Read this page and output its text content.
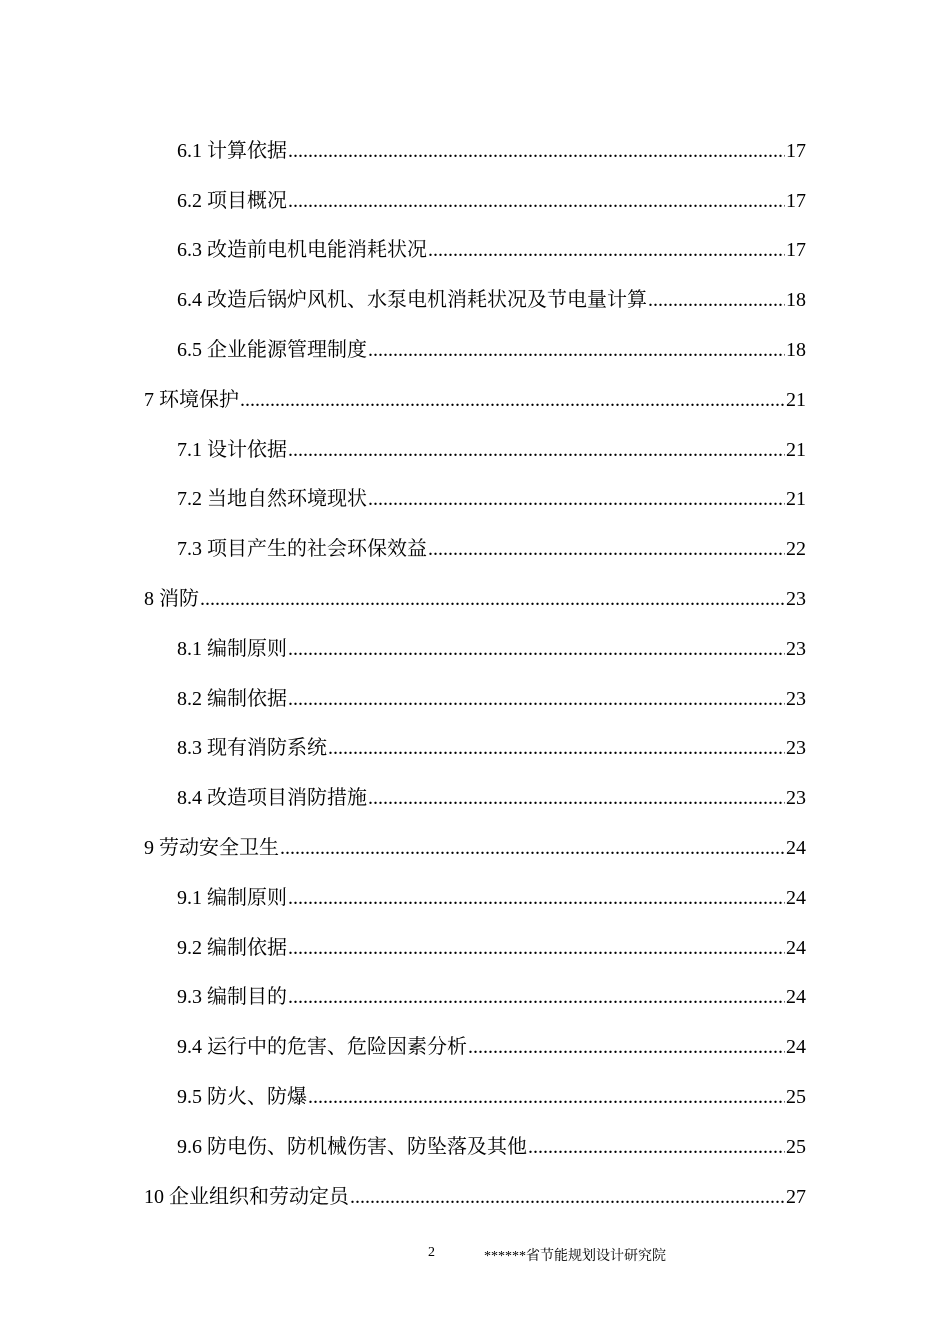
6.1 计算依据 .....	17
6.2 项目概况 .....	17
6.3 改造前电机电能消耗状况 .....	17
6.4 改造后锅炉风机、水泵电机消耗状况及节电量计算 .....	18
6.5 企业能源管理制度 .....	18
7 环境保护 .....	21
7.1 设计依据 .....	21
7.2 当地自然环境现状 .....	21
7.3 项目产生的社会环保效益 .....	22
8 消防 .....	23
8.1 编制原则 .....	23
8.2 编制依据 .....	23
8.3 现有消防系统 .....	23
8.4 改造项目消防措施 .....	23
9 劳动安全卫生 .....	24
9.1 编制原则 .....	24
9.2 编制依据 .....	24
9.3 编制目的 .....	24
9.4 运行中的危害、危险因素分析 .....	24
9.5 防火、防爆 .....	25
9.6 防电伤、防机械伤害、防坠落及其他 .....	25
10 企业组织和劳动定员 .....	27
2	******省节能规划设计研究院
